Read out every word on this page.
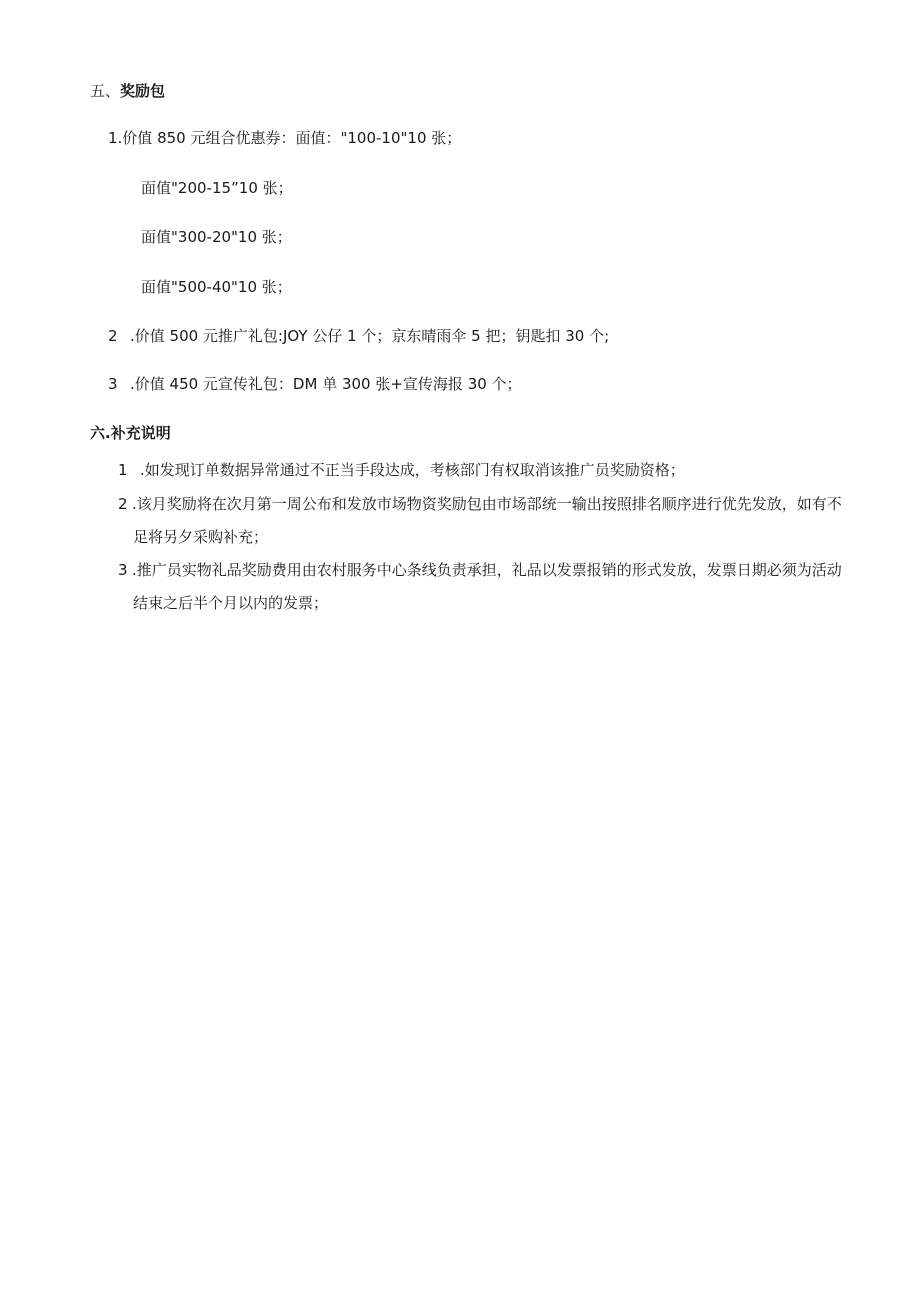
五、奖励包
1.价值 850 元组合优惠券：面值："100-10"10 张；
面值"200-15”10 张；
面值"300-20"10 张；
面值"500-40"10 张；
2 .价值 500 元推广礼包:JOY 公仔 1 个；京东晴雨伞 5 把；钥匙扣 30 个;
3 .价值 450 元宣传礼包：DM 单 300 张+宣传海报 30 个；
六.补充说明
1 .如发现订单数据异常通过不正当手段达成，考核部门有权取消该推广员奖励资格；
2 .该月奖励将在次月第一周公布和发放市场物资奖励包由市场部统一输出按照排名顺序进行优先发放，如有不
足将另夕采购补充；
3 .推广员实物礼品奖励费用由农村服务中心条线负责承担，礼品以发票报销的形式发放，发票日期必须为活动
结束之后半个月以内的发票；
